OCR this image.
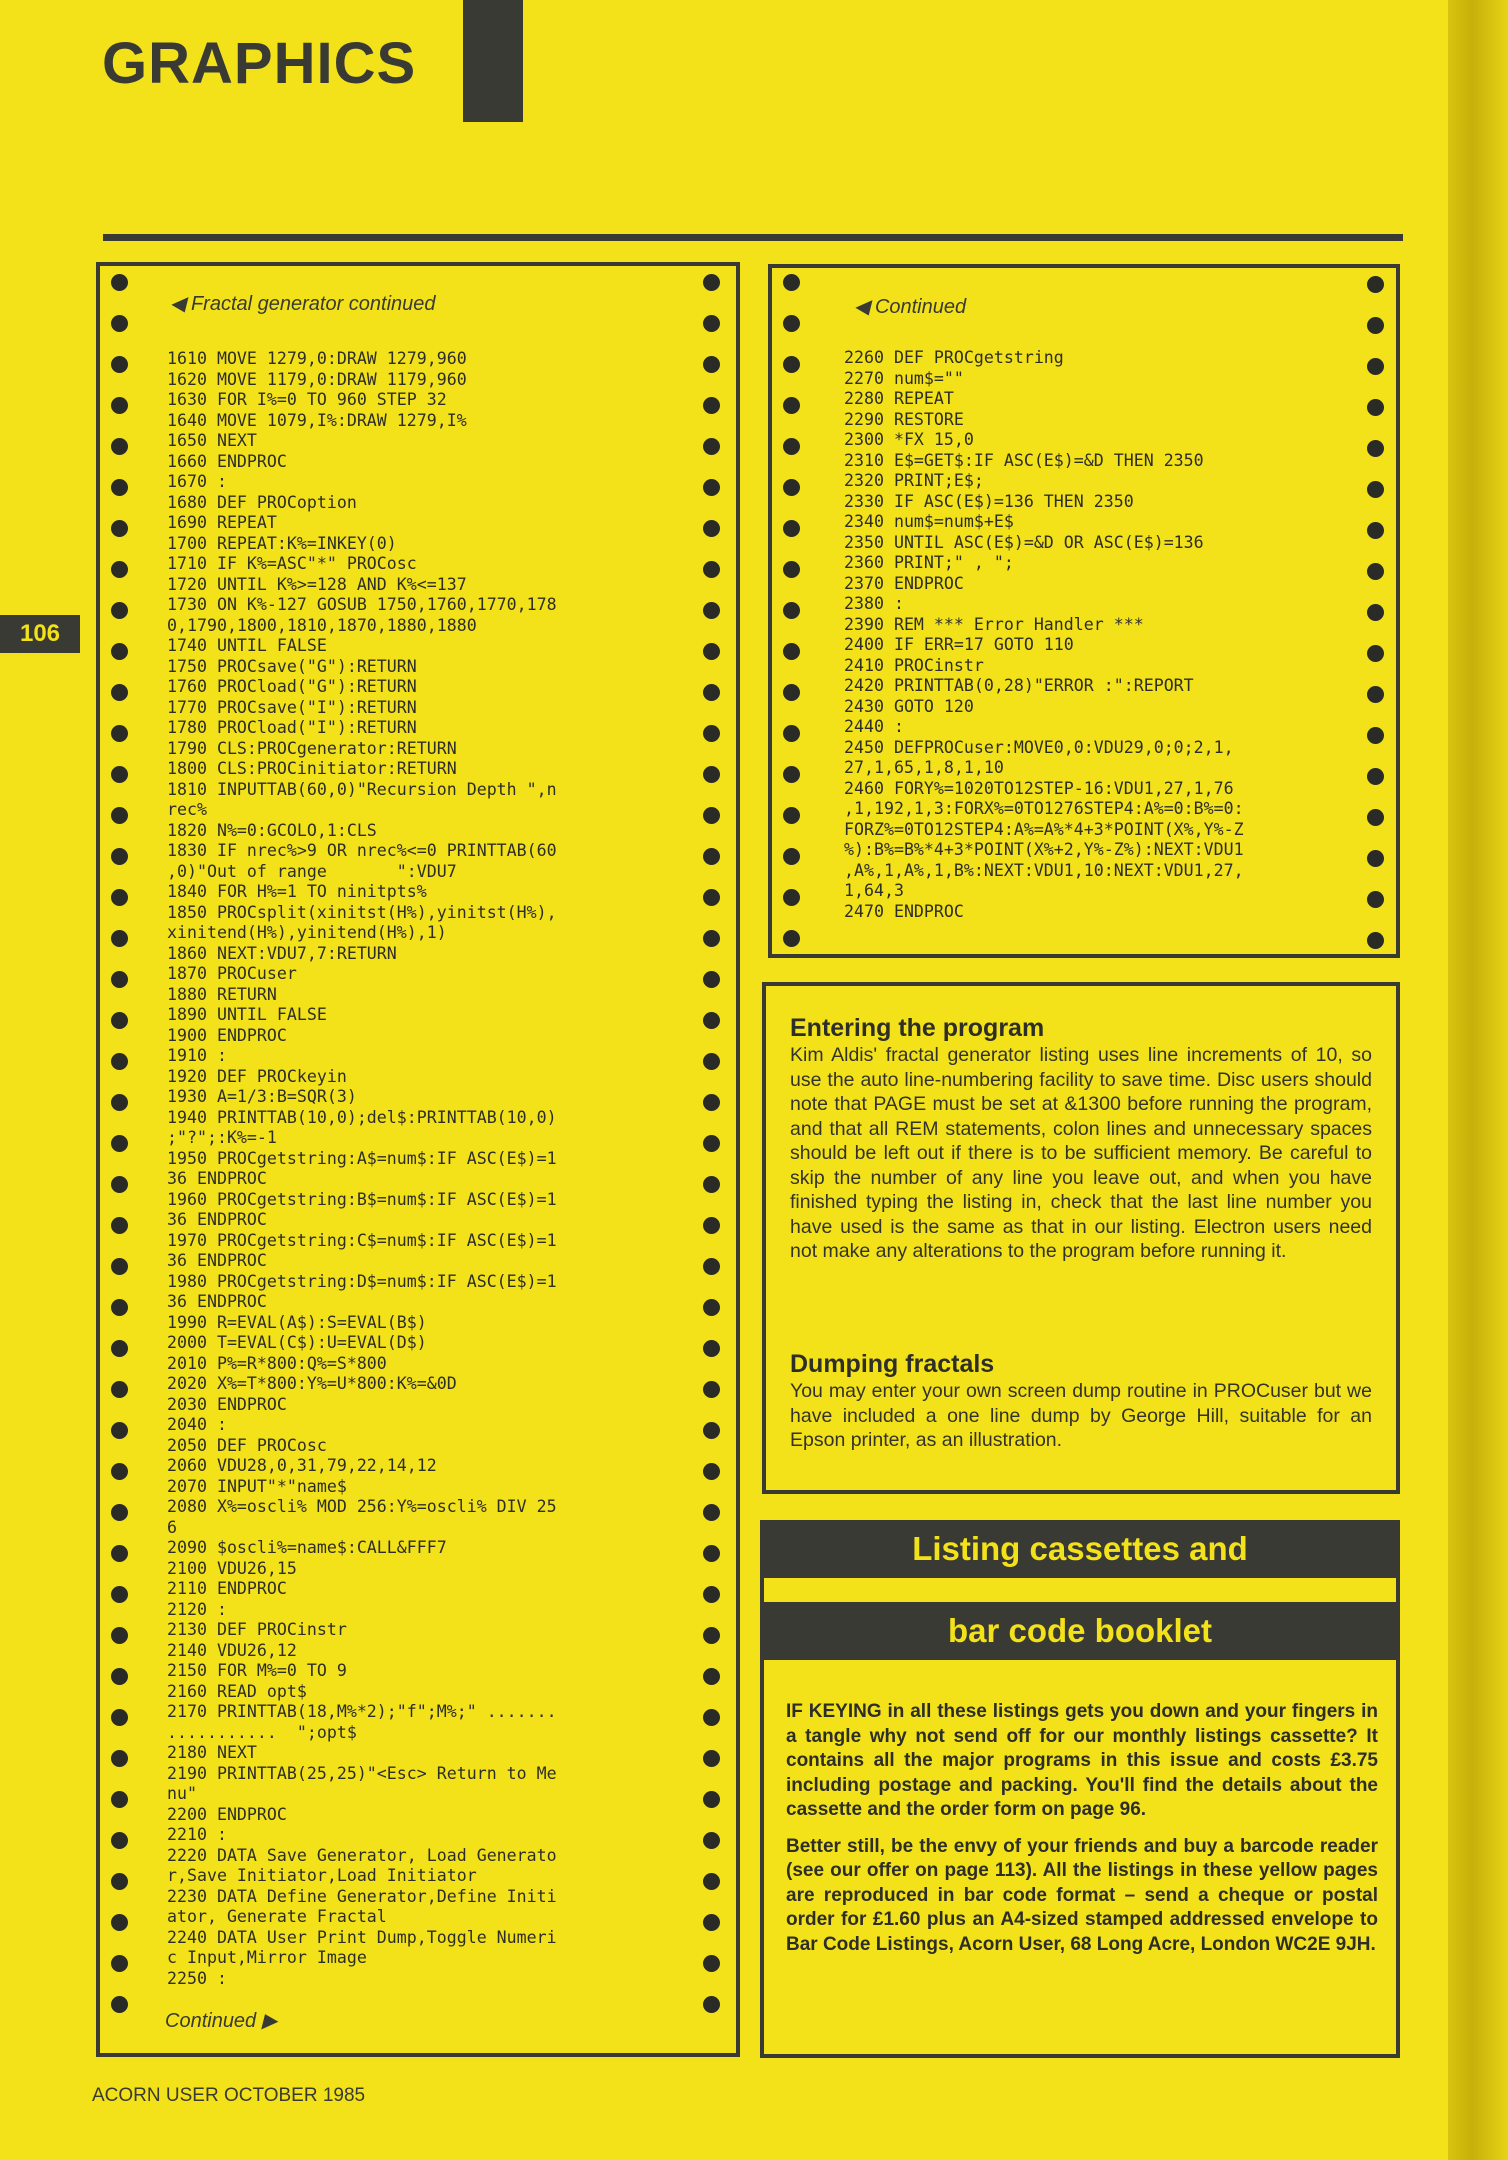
GRAPHICS
106
◀ Fractal generator continued
1610 MOVE 1279,0:DRAW 1279,960
1620 MOVE 1179,0:DRAW 1179,960
1630 FOR I%=0 TO 960 STEP 32
1640 MOVE 1079,I%:DRAW 1279,I%
1650 NEXT
1660 ENDPROC
1670 :
1680 DEF PROCoption
1690 REPEAT
1700 REPEAT:K%=INKEY(0)
1710 IF K%=ASC"*" PROCosc
1720 UNTIL K%>=128 AND K%<=137
1730 ON K%-127 GOSUB 1750,1760,1770,178
0,1790,1800,1810,1870,1880,1880
1740 UNTIL FALSE
1750 PROCsave("G"):RETURN
1760 PROCload("G"):RETURN
1770 PROCsave("I"):RETURN
1780 PROCload("I"):RETURN
1790 CLS:PROCgenerator:RETURN
1800 CLS:PROCinitiator:RETURN
1810 INPUTTAB(60,0)"Recursion Depth ",n
rec%
1820 N%=0:GCOLO,1:CLS
1830 IF nrec%>9 OR nrec%<=0 PRINTTAB(60
,0)"Out of range       ":VDU7
1840 FOR H%=1 TO ninitpts%
1850 PROCsplit(xinitst(H%),yinitst(H%),
xinitend(H%),yinitend(H%),1)
1860 NEXT:VDU7,7:RETURN
1870 PROCuser
1880 RETURN
1890 UNTIL FALSE
1900 ENDPROC
1910 :
1920 DEF PROCkeyin
1930 A=1/3:B=SQR(3)
1940 PRINTTAB(10,0);del$:PRINTTAB(10,0)
;"?";:K%=-1
1950 PROCgetstring:A$=num$:IF ASC(E$)=1
36 ENDPROC
1960 PROCgetstring:B$=num$:IF ASC(E$)=1
36 ENDPROC
1970 PROCgetstring:C$=num$:IF ASC(E$)=1
36 ENDPROC
1980 PROCgetstring:D$=num$:IF ASC(E$)=1
36 ENDPROC
1990 R=EVAL(A$):S=EVAL(B$)
2000 T=EVAL(C$):U=EVAL(D$)
2010 P%=R*800:Q%=S*800
2020 X%=T*800:Y%=U*800:K%=&0D
2030 ENDPROC
2040 :
2050 DEF PROCosc
2060 VDU28,0,31,79,22,14,12
2070 INPUT"*"name$
2080 X%=oscli% MOD 256:Y%=oscli% DIV 25
6
2090 $oscli%=name$:CALL&FFF7
2100 VDU26,15
2110 ENDPROC
2120 :
2130 DEF PROCinstr
2140 VDU26,12
2150 FOR M%=0 TO 9
2160 READ opt$
2170 PRINTTAB(18,M%*2);"f";M%;" .......
...........  ";opt$
2180 NEXT
2190 PRINTTAB(25,25)"<Esc> Return to Me
nu"
2200 ENDPROC
2210 :
2220 DATA Save Generator, Load Generato
r,Save Initiator,Load Initiator
2230 DATA Define Generator,Define Initi
ator, Generate Fractal
2240 DATA User Print Dump,Toggle Numeri
c Input,Mirror Image
2250 :
Continued ▶
◀ Continued
2260 DEF PROCgetstring
2270 num$=""
2280 REPEAT
2290 RESTORE
2300 *FX 15,0
2310 E$=GET$:IF ASC(E$)=&D THEN 2350
2320 PRINT;E$;
2330 IF ASC(E$)=136 THEN 2350
2340 num$=num$+E$
2350 UNTIL ASC(E$)=&D OR ASC(E$)=136
2360 PRINT;" , ";
2370 ENDPROC
2380 :
2390 REM *** Error Handler ***
2400 IF ERR=17 GOTO 110
2410 PROCinstr
2420 PRINTTAB(0,28)"ERROR :":REPORT
2430 GOTO 120
2440 :
2450 DEFPROCuser:MOVE0,0:VDU29,0;0;2,1,
27,1,65,1,8,1,10
2460 FORY%=1020TO12STEP-16:VDU1,27,1,76
,1,192,1,3:FORX%=0TO1276STEP4:A%=0:B%=0:
FORZ%=0TO12STEP4:A%=A%*4+3*POINT(X%,Y%-Z
%):B%=B%*4+3*POINT(X%+2,Y%-Z%):NEXT:VDU1
,A%,1,A%,1,B%:NEXT:VDU1,10:NEXT:VDU1,27,
1,64,3
2470 ENDPROC
Entering the program

Kim Aldis' fractal generator listing uses line increments of 10, so use the auto line-numbering facility to save time. Disc users should note that PAGE must be set at &1300 before running the program, and that all REM statements, colon lines and unnecessary spaces should be left out if there is to be sufficient memory. Be careful to skip the number of any line you leave out, and when you have finished typing the listing in, check that the last line number you have used is the same as that in our listing. Electron users need not make any alterations to the program before running it.

Dumping fractals

You may enter your own screen dump routine in PROCuser but we have included a one line dump by George Hill, suitable for an Epson printer, as an illustration.

Listing cassettes and
bar code booklet

IF KEYING in all these listings gets you down and your fingers in a tangle why not send off for our monthly listings cassette? It contains all the major programs in this issue and costs £3.75 including postage and packing. You'll find the details about the cassette and the order form on page 96.

Better still, be the envy of your friends and buy a barcode reader (see our offer on page 113). All the listings in these yellow pages are reproduced in bar code format – send a cheque or postal order for £1.60 plus an A4-sized stamped addressed envelope to Bar Code Listings, Acorn User, 68 Long Acre, London WC2E 9JH.

ACORN USER OCTOBER 1985
